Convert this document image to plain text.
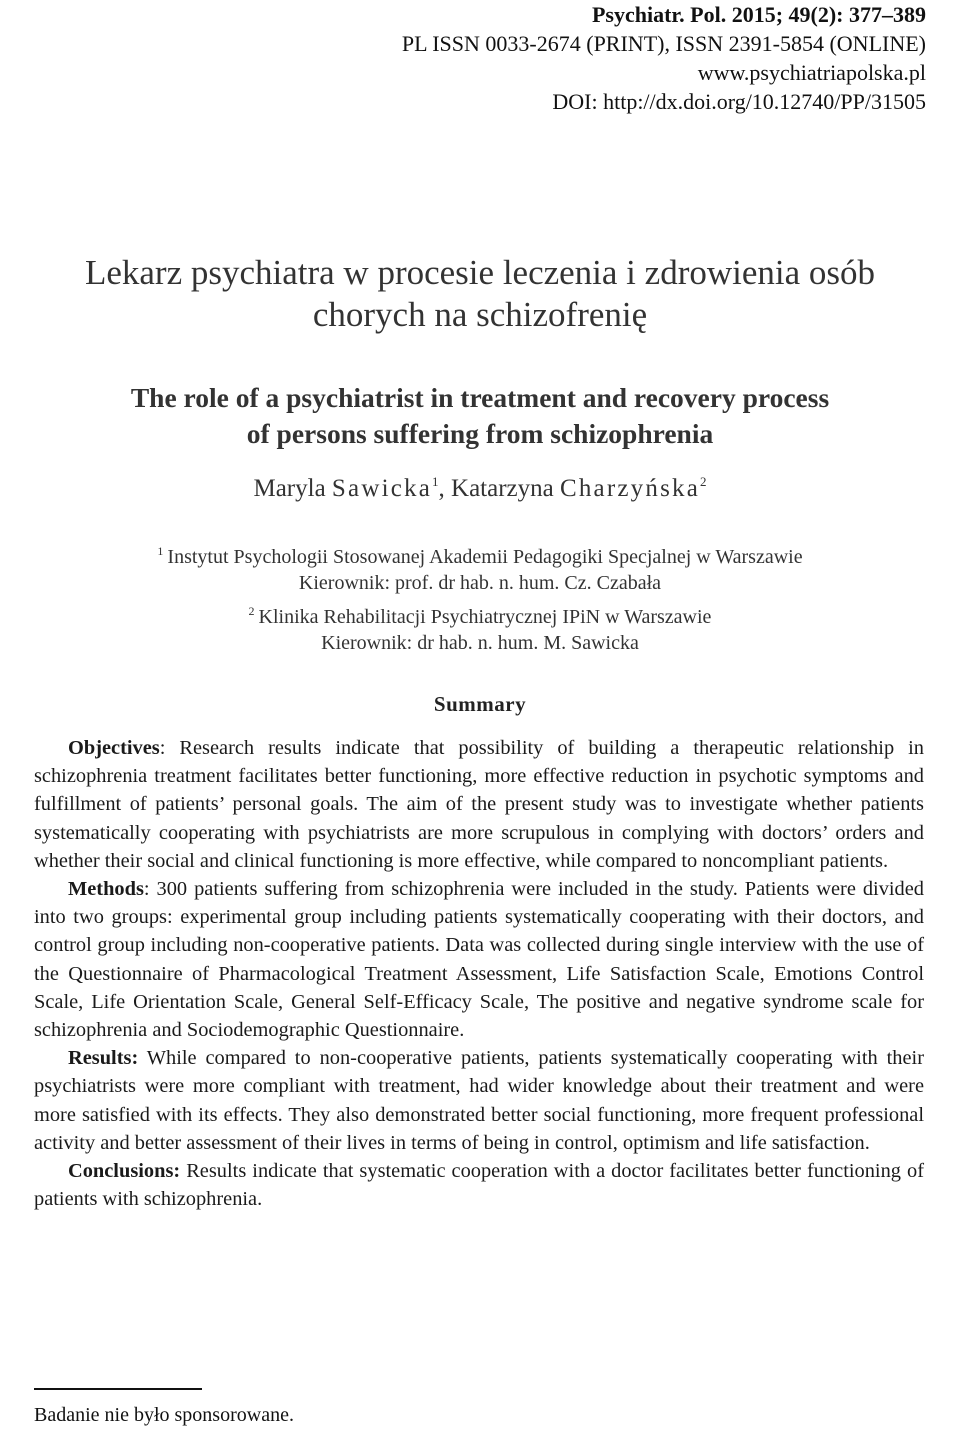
Psychiatr. Pol. 2015; 49(2): 377–389
PL ISSN 0033-2674 (PRINT), ISSN 2391-5854 (ONLINE)
www.psychiatriapolska.pl
DOI: http://dx.doi.org/10.12740/PP/31505
Lekarz psychiatra w procesie leczenia i zdrowienia osób
chorych na schizofrenię
The role of a psychiatrist in treatment and recovery process
of persons suffering from schizophrenia
Maryla Sawicka$^1$, Katarzyna Charzyńska$^2$
$^1$ Instytut Psychologii Stosowanej Akademii Pedagogiki Specjalnej w Warszawie
Kierownik: prof. dr hab. n. hum. Cz. Czabała
$^2$ Klinika Rehabilitacji Psychiatrycznej IPiN w Warszawie
Kierownik: dr hab. n. hum. M. Sawicka
Summary

Objectives: Research results indicate that possibility of building a therapeutic relationship in schizophrenia treatment facilitates better functioning, more effective reduction in psychotic symptoms and fulfillment of patients’ personal goals. The aim of the present study was to investigate whether patients systematically cooperating with psychiatrists are more scrupulous in complying with doctors’ orders and whether their social and clinical functioning is more effective, while compared to noncompliant patients.

Methods: 300 patients suffering from schizophrenia were included in the study. Patients were divided into two groups: experimental group including patients systematically cooperating with their doctors, and control group including non-cooperative patients. Data was collected during single interview with the use of the Questionnaire of Pharmacological Treatment Assessment, Life Satisfaction Scale, Emotions Control Scale, Life Orientation Scale, General Self-Efficacy Scale, The positive and negative syndrome scale for schizophrenia and Sociodemographic Questionnaire.

Results: While compared to non-cooperative patients, patients systematically cooperating with their psychiatrists were more compliant with treatment, had wider knowledge about their treatment and were more satisfied with its effects. They also demonstrated better social functioning, more frequent professional activity and better assessment of their lives in terms of being in control, optimism and life satisfaction.

Conclusions: Results indicate that systematic cooperation with a doctor facilitates better functioning of patients with schizophrenia.

Badanie nie było sponsorowane.
